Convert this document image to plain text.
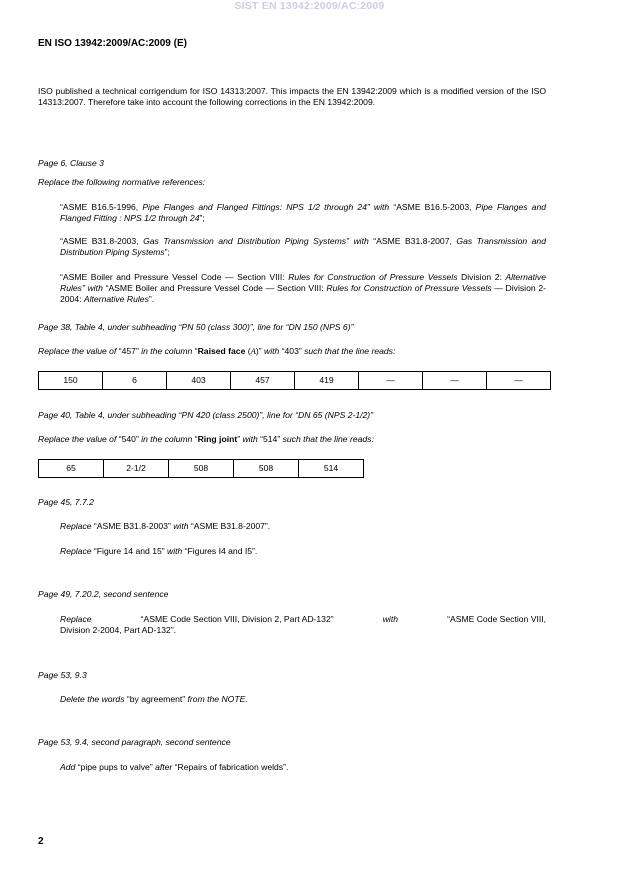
SIST EN 13942:2009/AC:2009
EN ISO 13942:2009/AC:2009 (E)
ISO published a technical corrigendum for ISO 14313:2007. This impacts the EN 13942:2009 which is a modified version of the ISO 14313:2007. Therefore take into account the following corrections in the EN 13942:2009.
Page 6, Clause 3
Replace the following normative references:
“ASME B16.5-1996, Pipe Flanges and Flanged Fittings: NPS 1/2 through 24” with “ASME B16.5-2003, Pipe Flanges and Flanged Fitting : NPS 1/2 through 24”;
“ASME B31.8-2003, Gas Transmission and Distribution Piping Systems” with “ASME B31.8-2007, Gas Transmission and Distribution Piping Systems”;
“ASME Boiler and Pressure Vessel Code — Section VIII: Rules for Construction of Pressure Vessels Division 2: Alternative Rules” with “ASME Boiler and Pressure Vessel Code — Section VIII: Rules for Construction of Pressure Vessels — Division 2-2004: Alternative Rules”.
Page 38, Table 4, under subheading “PN 50 (class 300)”, line for “DN 150 (NPS 6)”
Replace the value of “457” in the column “Raised face (A)” with “403” such that the line reads:
150	6	403	457	419	—	—	—
Page 40, Table 4, under subheading “PN 420 (class 2500)”, line for “DN 65 (NPS 2-1/2)”
Replace the value of “540” in the column “Ring joint” with “514” such that the line reads:
65	2-1/2	508	508	514
Page 45, 7.7.2
Replace “ASME B31.8-2003” with “ASME B31.8-2007”.
Replace “Figure 14 and 15” with “Figures I4 and I5”.
Page 49, 7.20.2, second sentence
Replace	“ASME Code Section VIII, Division 2, Part AD-132”	with	“ASME Code Section VIII,
Division 2-2004, Part AD-132”.
Page 53, 9.3
Delete the words “by agreement” from the NOTE.
Page 53, 9.4, second paragraph, second sentence
Add “pipe pups to valve” after “Repairs of fabrication welds”.
2
